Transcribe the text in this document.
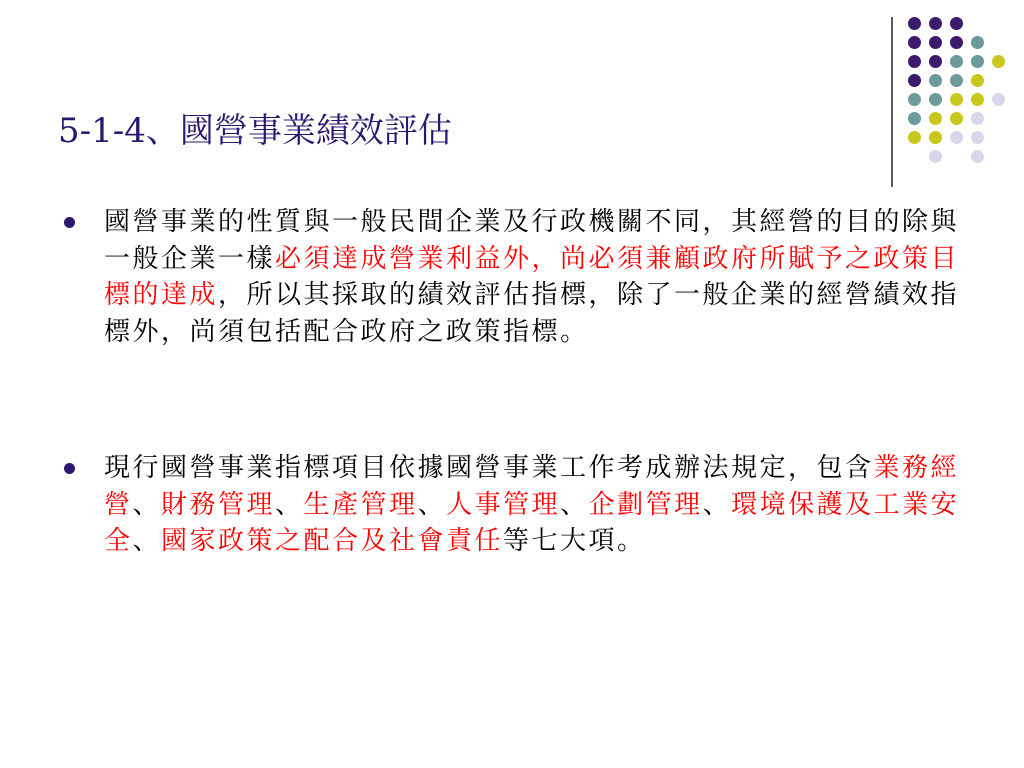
5-1-4、國營事業績效評估
國營事業的性質與一般民間企業及行政機關不同，其經營的目的除與一般企業一樣必須達成營業利益外，尚必須兼顧政府所賦予之政策目標的達成，所以其採取的績效評估指標，除了一般企業的經營績效指標外，尚須包括配合政府之政策指標。
現行國營事業指標項目依據國營事業工作考成辦法規定，包含業務經營、財務管理、生產管理、人事管理、企劃管理、環境保護及工業安全、國家政策之配合及社會責任等七大項。
